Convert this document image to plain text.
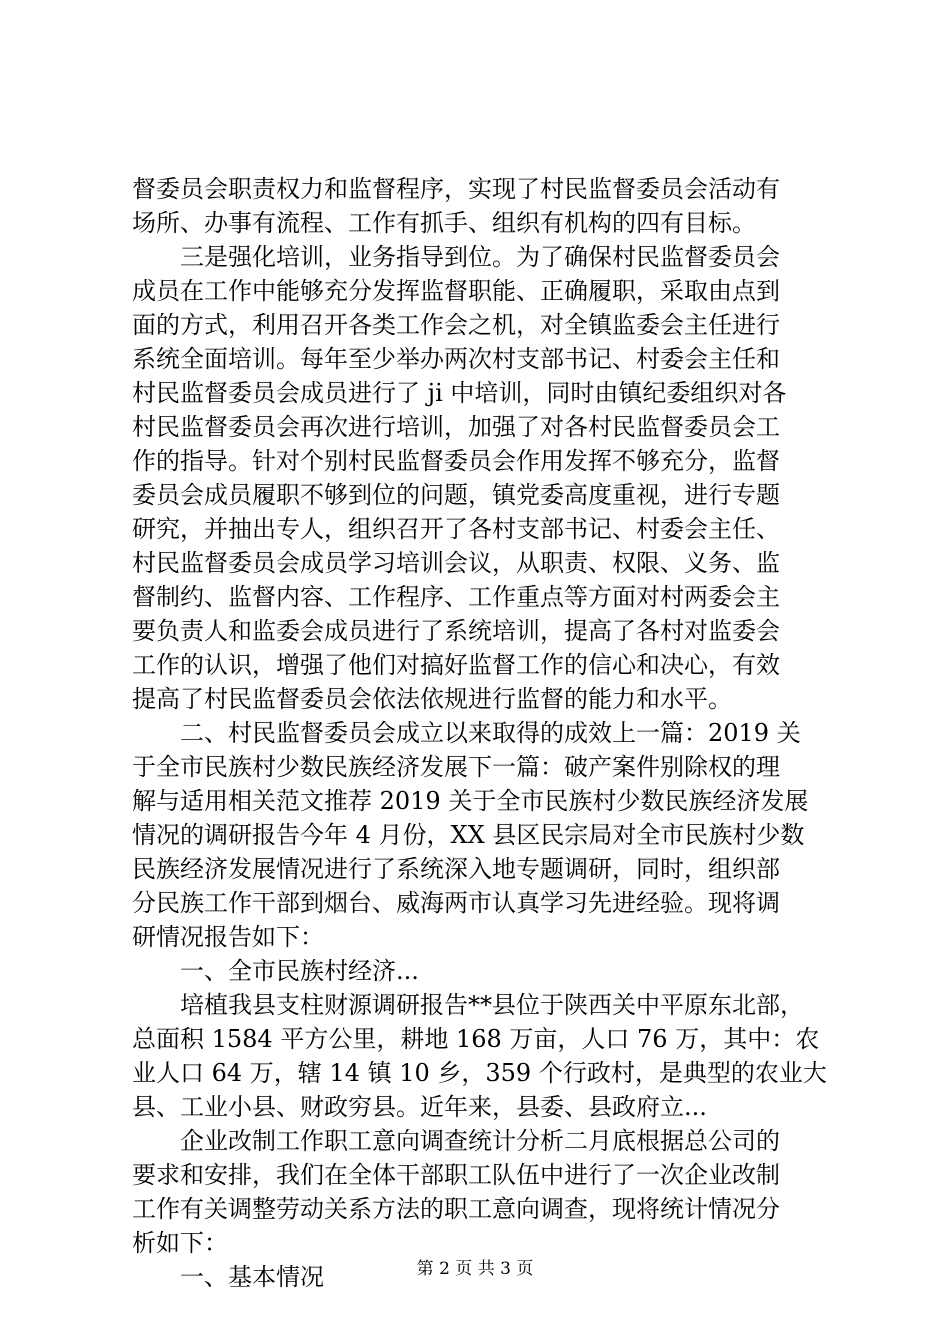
督委员会职责权力和监督程序，实现了村民监督委员会活动有
场所、办事有流程、工作有抓手、组织有机构的四有目标。
　　三是强化培训，业务指导到位。为了确保村民监督委员会
成员在工作中能够充分发挥监督职能、正确履职，采取由点到
面的方式，利用召开各类工作会之机，对全镇监委会主任进行
系统全面培训。每年至少举办两次村支部书记、村委会主任和
村民监督委员会成员进行了 ji 中培训，同时由镇纪委组织对各
村民监督委员会再次进行培训，加强了对各村民监督委员会工
作的指导。针对个别村民监督委员会作用发挥不够充分，监督
委员会成员履职不够到位的问题，镇党委高度重视，进行专题
研究，并抽出专人，组织召开了各村支部书记、村委会主任、
村民监督委员会成员学习培训会议，从职责、权限、义务、监
督制约、监督内容、工作程序、工作重点等方面对村两委会主
要负责人和监委会成员进行了系统培训，提高了各村对监委会
工作的认识，增强了他们对搞好监督工作的信心和决心，有效
提高了村民监督委员会依法依规进行监督的能力和水平。
　　二、村民监督委员会成立以来取得的成效上一篇：2019 关
于全市民族村少数民族经济发展下一篇：破产案件别除权的理
解与适用相关范文推荐 2019 关于全市民族村少数民族经济发展
情况的调研报告今年 4 月份，XX 县区民宗局对全市民族村少数
民族经济发展情况进行了系统深入地专题调研，同时，组织部
分民族工作干部到烟台、威海两市认真学习先进经验。现将调
研情况报告如下：
　　一、全市民族村经济...
　　培植我县支柱财源调研报告**县位于陕西关中平原东北部，
总面积 1584 平方公里，耕地 168 万亩，人口 76 万，其中：农
业人口 64 万，辖 14 镇 10 乡，359 个行政村，是典型的农业大
县、工业小县、财政穷县。近年来，县委、县政府立...
　　企业改制工作职工意向调查统计分析二月底根据总公司的
要求和安排，我们在全体干部职工队伍中进行了一次企业改制
工作有关调整劳动关系方法的职工意向调查，现将统计情况分
析如下：
　　一、基本情况	第 2 页 共 3 页
